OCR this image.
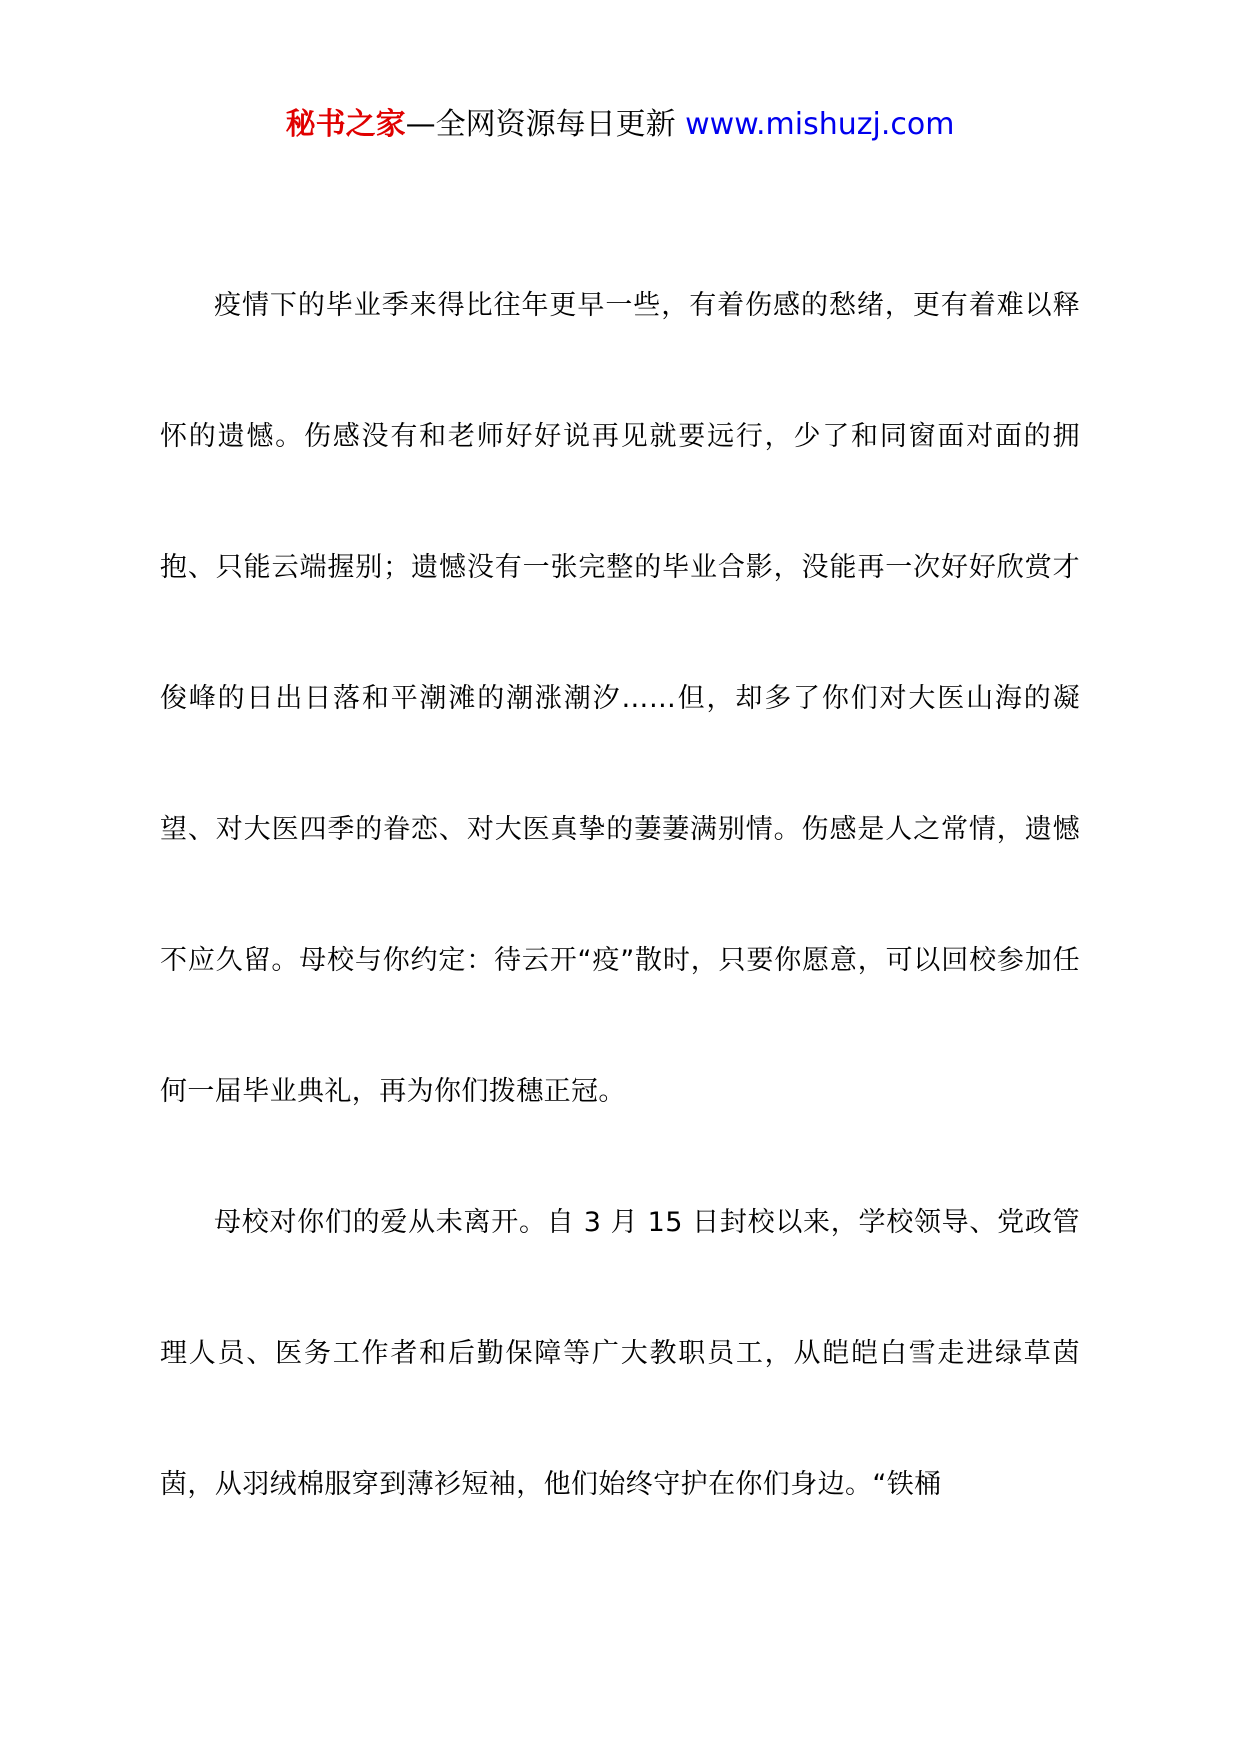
秘书之家—全网资源每日更新 www.mishuzj.com

疫情下的毕业季来得比往年更早一些，有着伤感的愁绪，更有着难以释怀的遗憾。伤感没有和老师好好说再见就要远行，少了和同窗面对面的拥抱、只能云端握别；遗憾没有一张完整的毕业合影，没能再一次好好欣赏才俊峰的日出日落和平潮滩的潮涨潮汐……但，却多了你们对大医山海的凝望、对大医四季的眷恋、对大医真挚的萋萋满别情。伤感是人之常情，遗憾不应久留。母校与你约定：待云开“疫”散时，只要你愿意，可以回校参加任何一届毕业典礼，再为你们拨穗正冠。

母校对你们的爱从未离开。自 3 月 15 日封校以来，学校领导、党政管理人员、医务工作者和后勤保障等广大教职员工，从皑皑白雪走进绿草茵茵，从羽绒棉服穿到薄衫短袖，他们始终守护在你们身边。“铁桶
